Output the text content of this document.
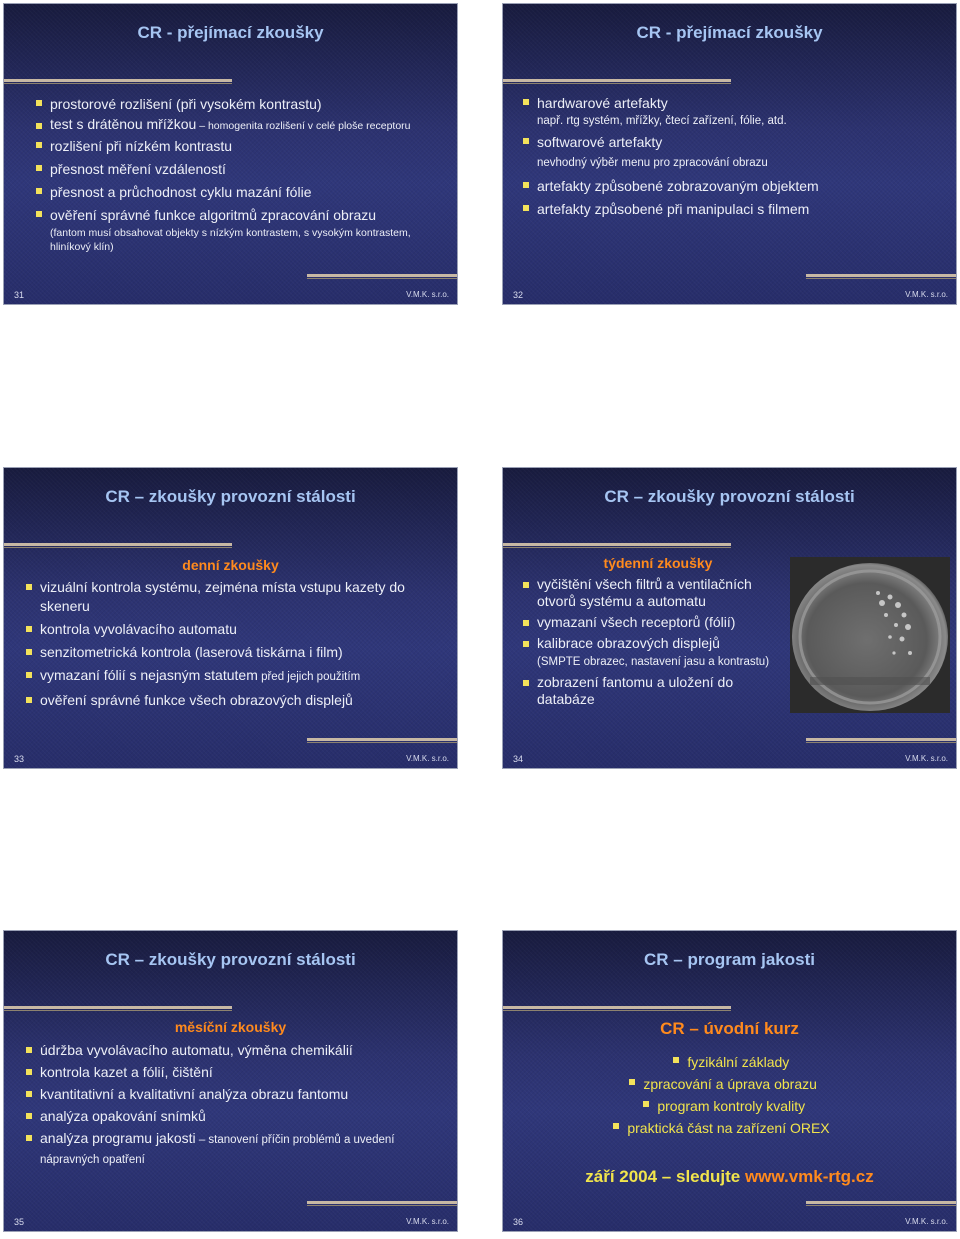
CR - přejímací zkoušky
prostorové rozlišení (při vysokém kontrastu)
test s drátěnou mřížkou – homogenita rozlišení v celé ploše receptoru
rozlišení při nízkém kontrastu
přesnost měření vzdáleností
přesnost a průchodnost cyklu mazání fólie
ověření správné funkce algoritmů zpracování obrazu
(fantom musí obsahovat objekty s nízkým kontrastem, s vysokým kontrastem, hliníkový klín)
31	V.M.K. s.r.o.
CR - přejímací zkoušky
hardwarové artefakty
např. rtg systém, mřížky, čtecí zařízení, fólie, atd.
softwarové artefakty
nevhodný výběr menu pro zpracování obrazu
artefakty způsobené zobrazovaným objektem
artefakty způsobené při manipulaci s filmem
32	V.M.K. s.r.o.
CR – zkoušky provozní stálosti
denní zkoušky
vizuální kontrola systému, zejména místa vstupu kazety do skeneru
kontrola vyvolávacího automatu
senzitometrická kontrola (laserová tiskárna i film)
vymazaní fólií s nejasným statutem před jejich použitím
ověření správné funkce všech obrazových displejů
33	V.M.K. s.r.o.
CR – zkoušky provozní stálosti
týdenní zkoušky
vyčištění všech filtrů a ventilačních otvorů systému a automatu
vymazaní všech receptorů (fólií)
kalibrace obrazových displejů
(SMPTE obrazec, nastavení jasu a kontrastu)
zobrazení fantomu a uložení do databáze
34	V.M.K. s.r.o.
CR – zkoušky provozní stálosti
měsíční zkoušky
údržba vyvolávacího automatu, výměna chemikálií
kontrola kazet a fólií, čištění
kvantitativní a kvalitativní analýza obrazu fantomu
analýza opakování snímků
analýza programu jakosti – stanovení příčin problémů a uvedení nápravných opatření
35	V.M.K. s.r.o.
CR – program jakosti
CR – úvodní kurz
fyzikální základy
zpracování a úprava obrazu
program kontroly kvality
praktická část na zařízení OREX
září 2004 – sledujte www.vmk-rtg.cz
36	V.M.K. s.r.o.
